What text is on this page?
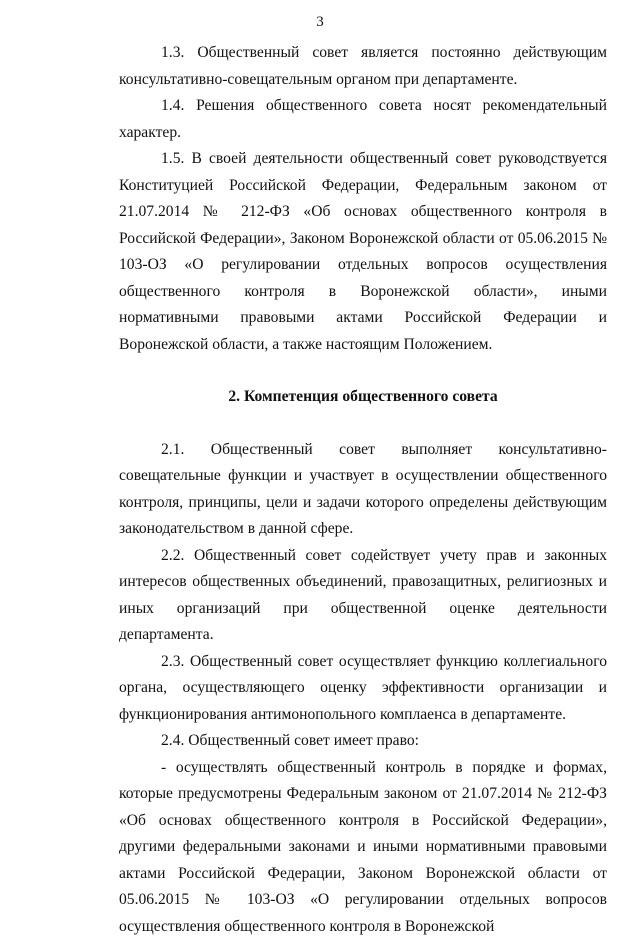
3

1.3. Общественный совет является постоянно действующим консультативно-совещательным органом при департаменте.

1.4. Решения общественного совета носят рекомендательный характер.

1.5. В своей деятельности общественный совет руководствуется Конституцией Российской Федерации, Федеральным законом от 21.07.2014 № 212-ФЗ «Об основах общественного контроля в Российской Федерации», Законом Воронежской области от 05.06.2015 № 103-ОЗ «О регулировании отдельных вопросов осуществления общественного контроля в Воронежской области», иными нормативными правовыми актами Российской Федерации и Воронежской области, а также настоящим Положением.

2. Компетенция общественного совета

2.1. Общественный совет выполняет консультативно-совещательные функции и участвует в осуществлении общественного контроля, принципы, цели и задачи которого определены действующим законодательством в данной сфере.

2.2. Общественный совет содействует учету прав и законных интересов общественных объединений, правозащитных, религиозных и иных организаций при общественной оценке деятельности департамента.

2.3. Общественный совет осуществляет функцию коллегиального органа, осуществляющего оценку эффективности организации и функционирования антимонопольного комплаенса в департаменте.

2.4. Общественный совет имеет право:

- осуществлять общественный контроль в порядке и формах, которые предусмотрены Федеральным законом от 21.07.2014 № 212-ФЗ «Об основах общественного контроля в Российской Федерации», другими федеральными законами и иными нормативными правовыми актами Российской Федерации, Законом Воронежской области от 05.06.2015 № 103-ОЗ «О регулировании отдельных вопросов осуществления общественного контроля в Воронежской
